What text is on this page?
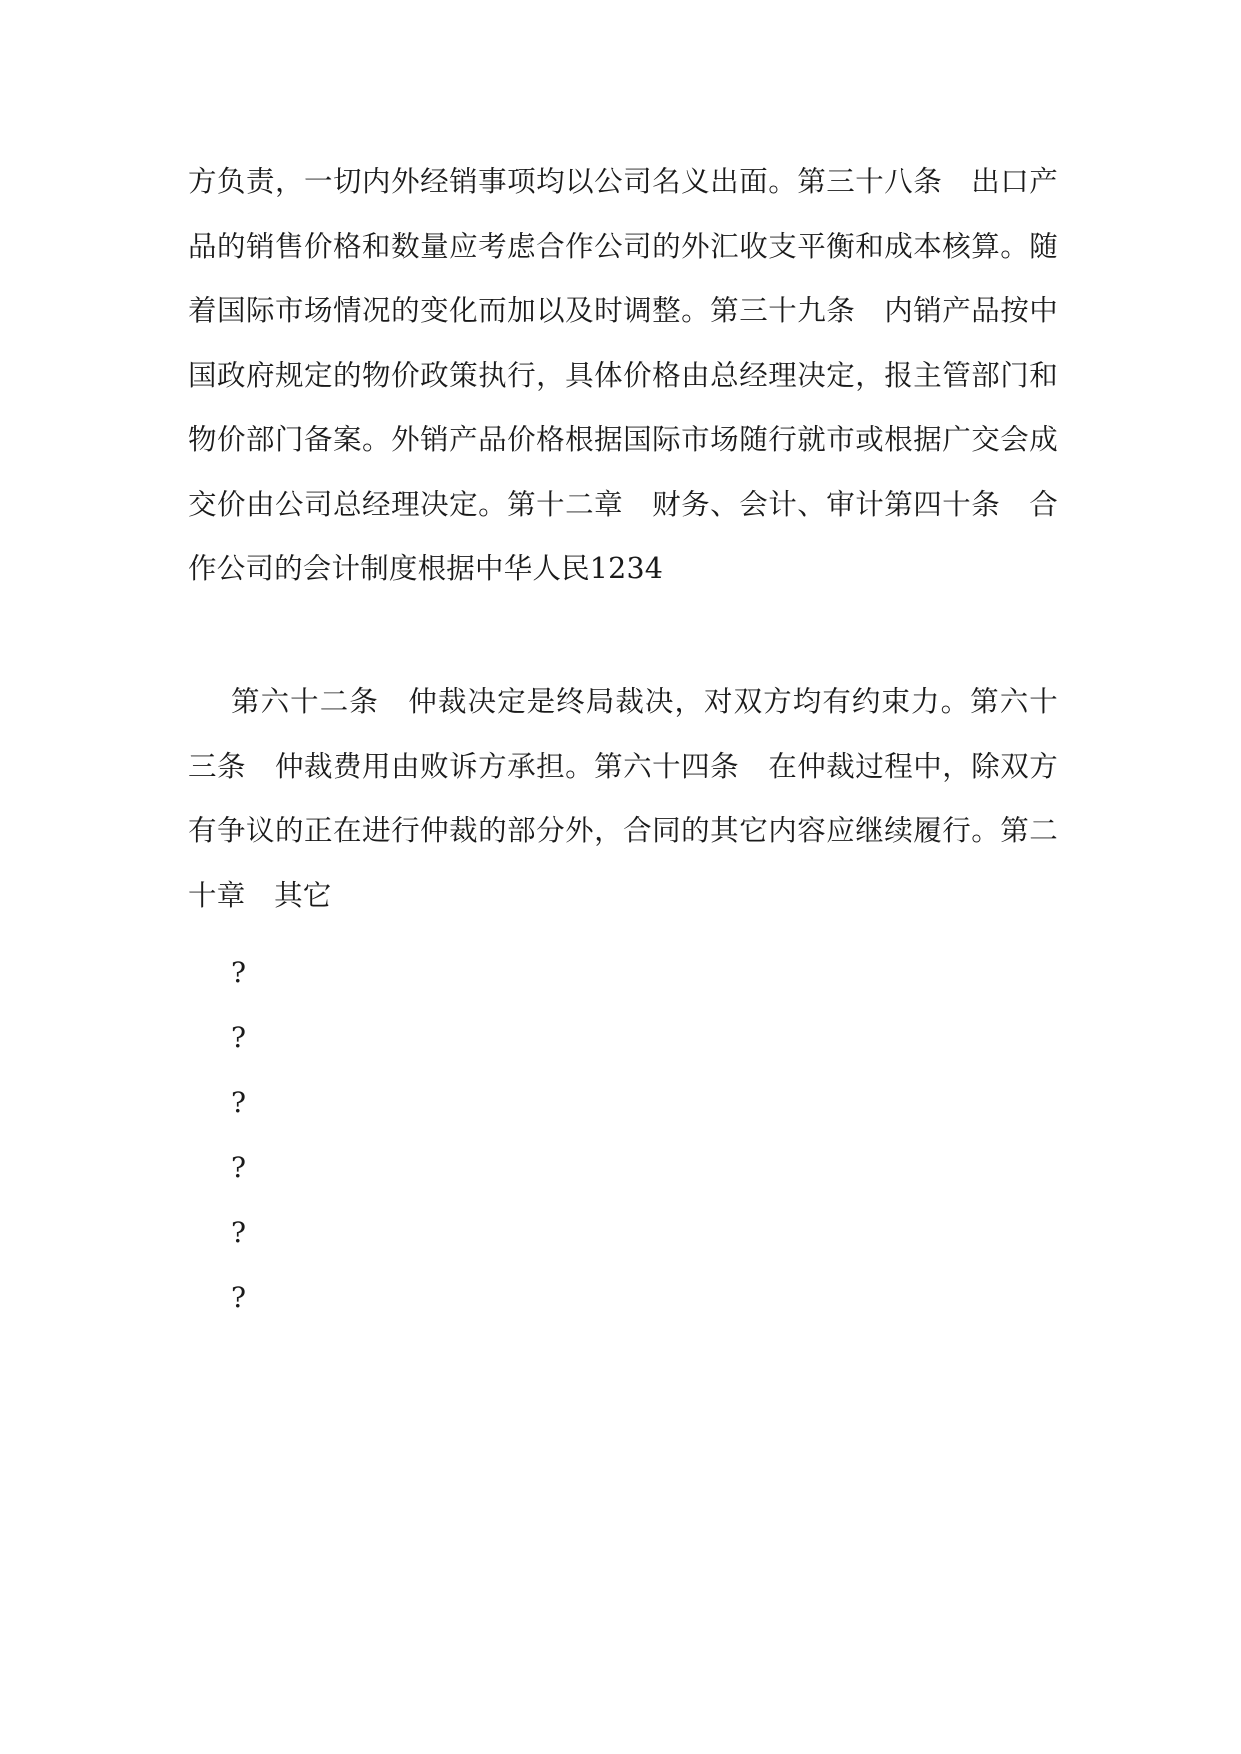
方负责，一切内外经销事项均以公司名义出面。第三十八条　出口产品的销售价格和数量应考虑合作公司的外汇收支平衡和成本核算。随着国际市场情况的变化而加以及时调整。第三十九条　内销产品按中国政府规定的物价政策执行，具体价格由总经理决定，报主管部门和物价部门备案。外销产品价格根据国际市场随行就市或根据广交会成交价由公司总经理决定。第十二章　财务、会计、审计第四十条　合作公司的会计制度根据中华人民1234
第六十二条　仲裁决定是终局裁决，对双方均有约束力。第六十三条　仲裁费用由败诉方承担。第六十四条　在仲裁过程中，除双方有争议的正在进行仲裁的部分外，合同的其它内容应继续履行。第二十章　其它
?
?
?
?
?
?
